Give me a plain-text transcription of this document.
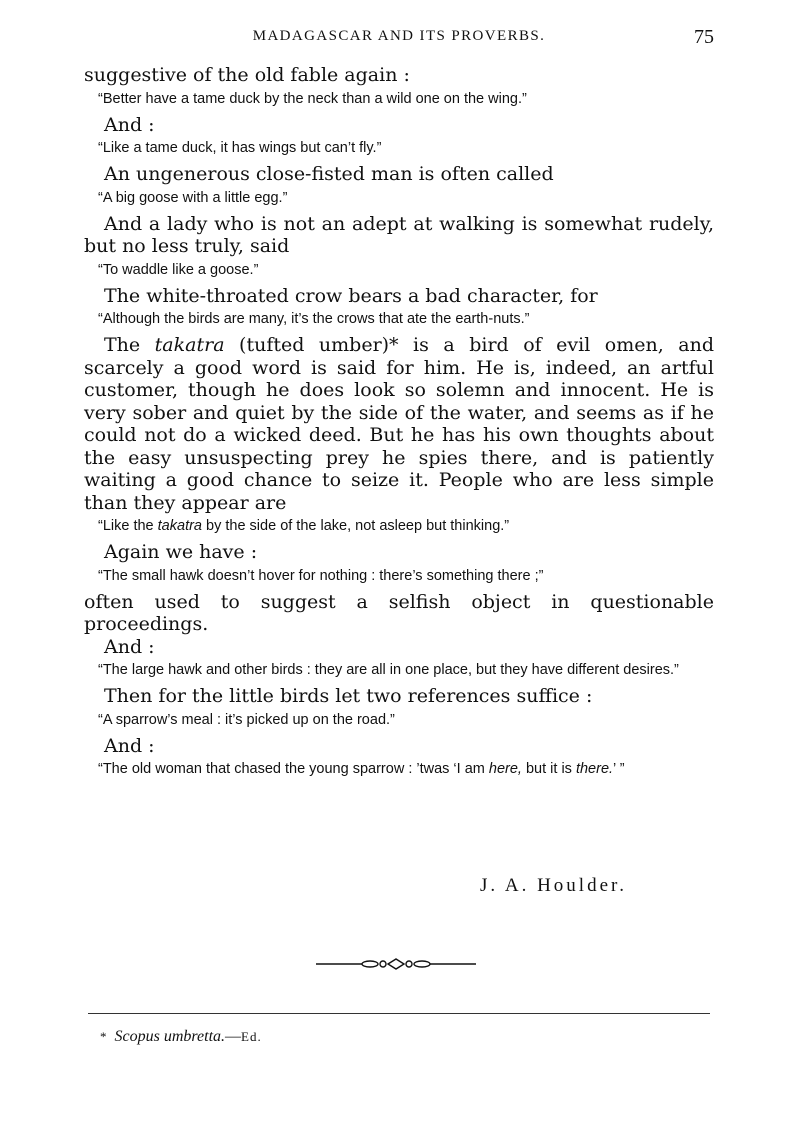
MADAGASCAR AND ITS PROVERBS.	75

suggestive of the old fable again :

“Better have a tame duck by the neck than a wild one on the wing.”

And :

“Like a tame duck, it has wings but can’t fly.”

An ungenerous close-fisted man is often called

“A big goose with a little egg.”

And a lady who is not an adept at walking is somewhat rudely, but no less truly, said

“To waddle like a goose.”

The white-throated crow bears a bad character, for

“Although the birds are many, it’s the crows that ate the earth-nuts.”

The takatra (tufted umber)* is a bird of evil omen, and scarcely a good word is said for him. He is, indeed, an artful customer, though he does look so solemn and innocent. He is very sober and quiet by the side of the water, and seems as if he could not do a wicked deed. But he has his own thoughts about the easy unsuspecting prey he spies there, and is patiently waiting a good chance to seize it. People who are less simple than they appear are

“Like the takatra by the side of the lake, not asleep but thinking.”

Again we have :

“The small hawk doesn’t hover for nothing : there’s something there ;”

often used to suggest a selfish object in questionable proceedings.

And :

“The large hawk and other birds : they are all in one place, but they have different desires.”

Then for the little birds let two references suffice :

“A sparrow’s meal : it’s picked up on the road.”

And :

“The old woman that chased the young sparrow : ’twas ‘I am here, but it is there.’ ”

J. A. Houlder.
* Scopus umbretta.—Ed.
